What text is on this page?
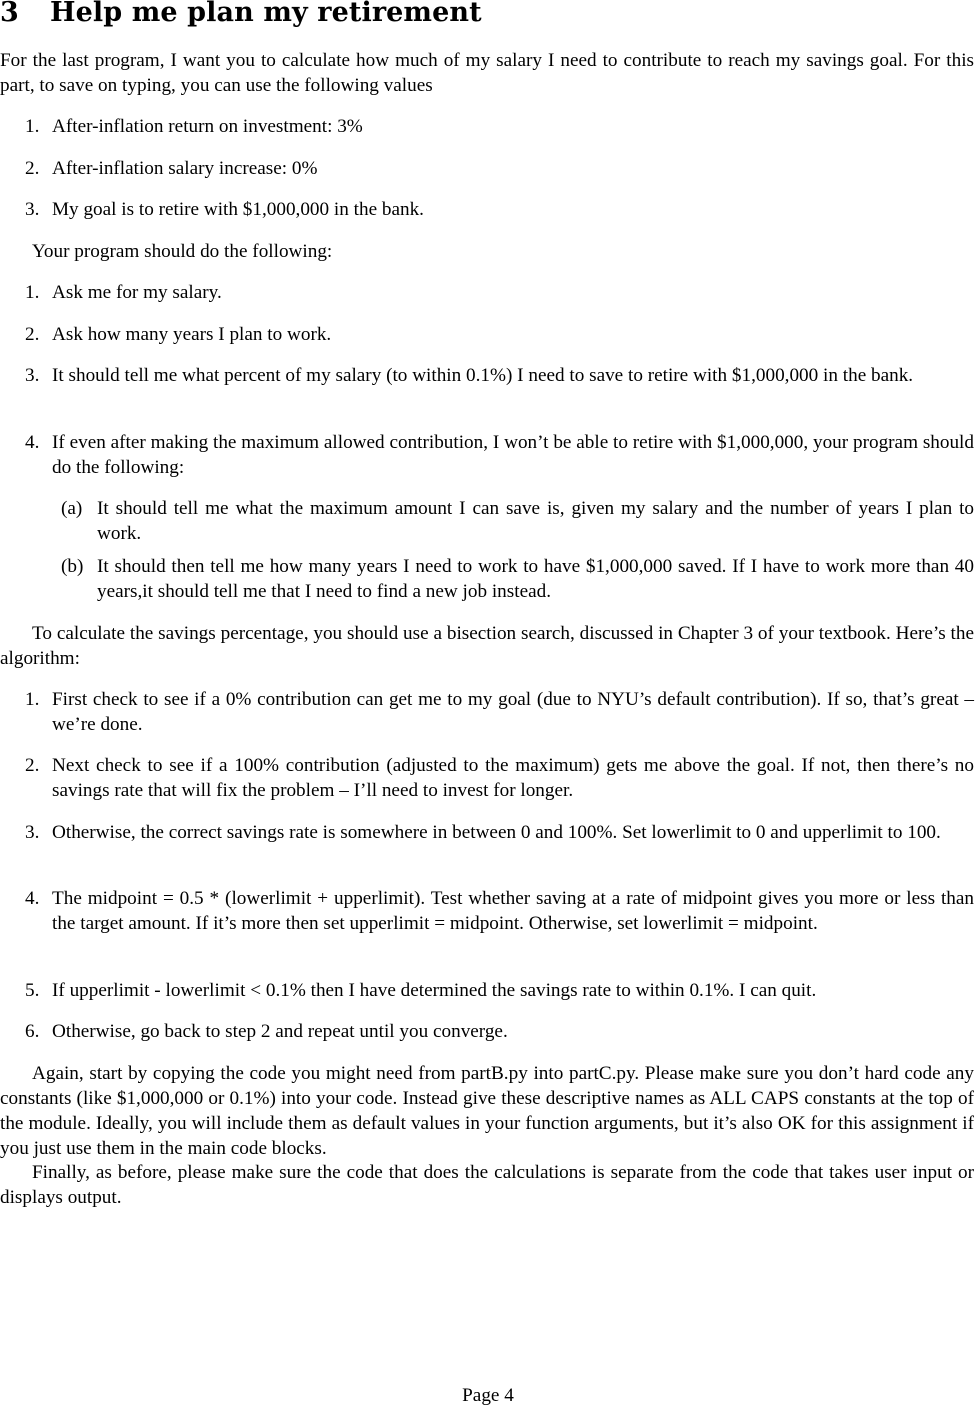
3 Help me plan my retirement

For the last program, I want you to calculate how much of my salary I need to contribute to reach my savings goal. For this part, to save on typing, you can use the following values

1. After-inflation return on investment: 3%
2. After-inflation salary increase: 0%
3. My goal is to retire with $1,000,000 in the bank.

Your program should do the following:

1. Ask me for my salary.
2. Ask how many years I plan to work.
3. It should tell me what percent of my salary (to within 0.1%) I need to save to retire with $1,000,000 in the bank.
4. If even after making the maximum allowed contribution, I won’t be able to retire with $1,000,000, your program should do the following:
(a) It should tell me what the maximum amount I can save is, given my salary and the number of years I plan to work.
(b) It should then tell me how many years I need to work to have $1,000,000 saved. If I have to work more than 40 years,it should tell me that I need to find a new job instead.

To calculate the savings percentage, you should use a bisection search, discussed in Chapter 3 of your textbook. Here’s the algorithm:

1. First check to see if a 0% contribution can get me to my goal (due to NYU’s default contribution). If so, that’s great – we’re done.
2. Next check to see if a 100% contribution (adjusted to the maximum) gets me above the goal. If not, then there’s no savings rate that will fix the problem – I’ll need to invest for longer.
3. Otherwise, the correct savings rate is somewhere in between 0 and 100%. Set lowerlimit to 0 and upperlimit to 100.
4. The midpoint = 0.5 * (lowerlimit + upperlimit). Test whether saving at a rate of midpoint gives you more or less than the target amount. If it’s more then set upperlimit = midpoint. Otherwise, set lowerlimit = midpoint.
5. If upperlimit - lowerlimit < 0.1% then I have determined the savings rate to within 0.1%. I can quit.
6. Otherwise, go back to step 2 and repeat until you converge.

Again, start by copying the code you might need from partB.py into partC.py. Please make sure you don’t hard code any constants (like $1,000,000 or 0.1%) into your code. Instead give these descriptive names as ALL CAPS constants at the top of the module. Ideally, you will include them as default values in your function arguments, but it’s also OK for this assignment if you just use them in the main code blocks.

Finally, as before, please make sure the code that does the calculations is separate from the code that takes user input or displays output.

Page 4
